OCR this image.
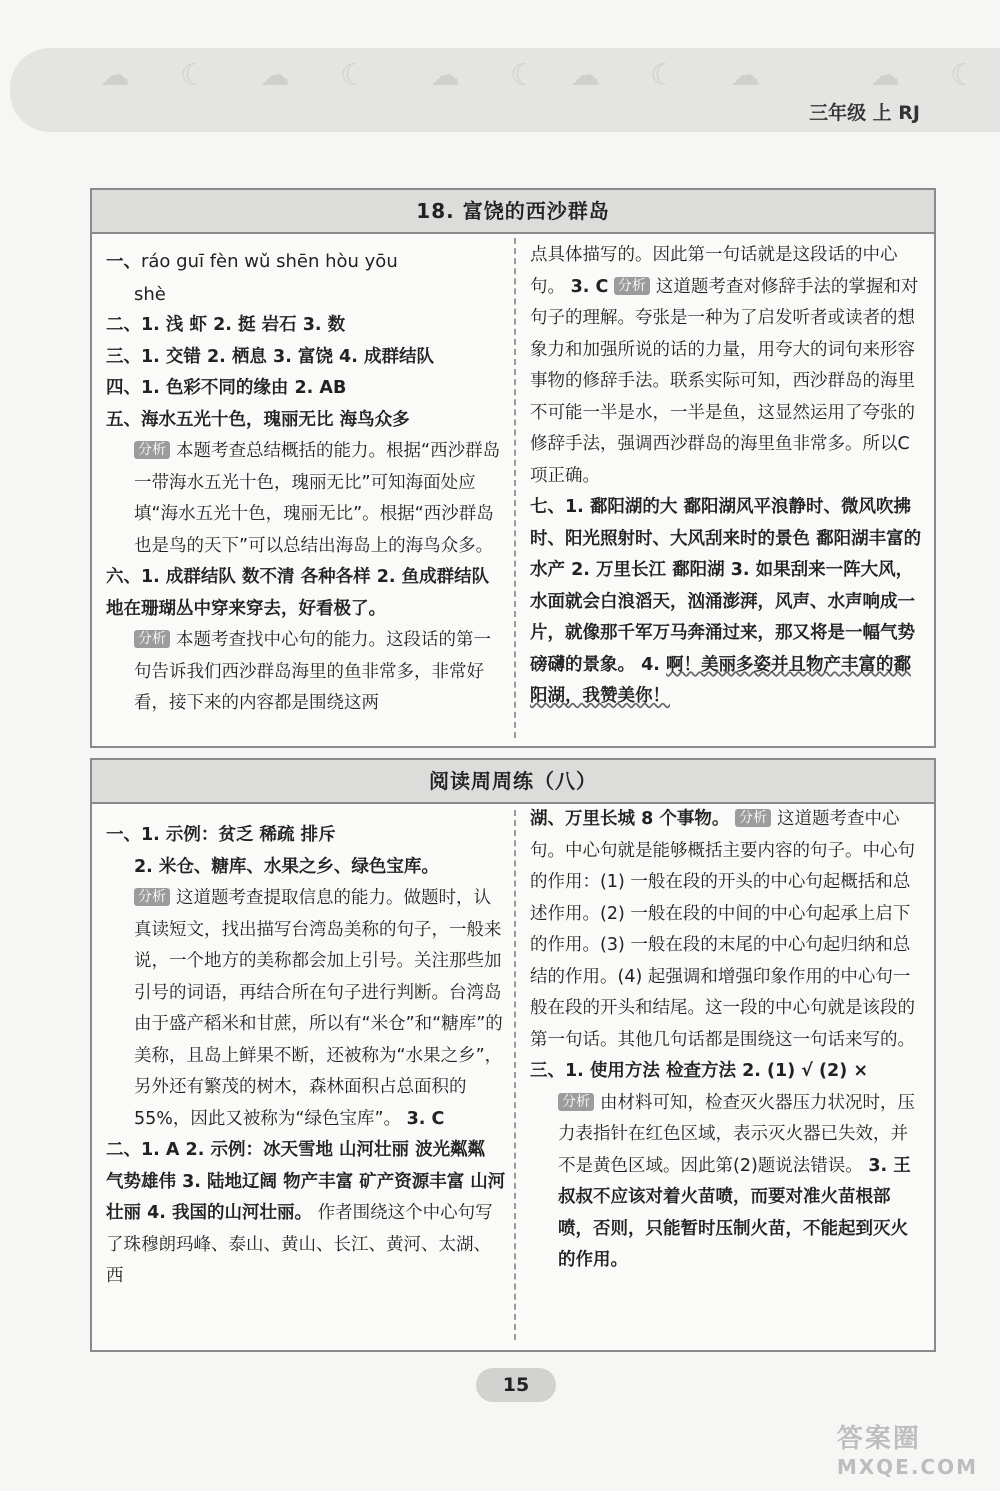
☁ ☾ ☁ ☾ ☁ ☾ ☁ ☾ ☁	☁ ☾
三年级 上 RJ
18. 富饶的西沙群岛
一、ráo guī fèn wǔ shēn hòu yōu
shè
二、1. 浅 虾 2. 挺 岩石 3. 数
三、1. 交错 2. 栖息 3. 富饶 4. 成群结队
四、1. 色彩不同的缘由 2. AB
五、海水五光十色，瑰丽无比 海鸟众多
分析 本题考查总结概括的能力。根据“西沙群岛一带海水五光十色，瑰丽无比”可知海面处应填“海水五光十色，瑰丽无比”。根据“西沙群岛也是鸟的天下”可以总结出海岛上的海鸟众多。
六、1. 成群结队 数不清 各种各样 2. 鱼成群结队地在珊瑚丛中穿来穿去，好看极了。
分析 本题考查找中心句的能力。这段话的第一句告诉我们西沙群岛海里的鱼非常多，非常好看，接下来的内容都是围绕这两
点具体描写的。因此第一句话就是这段话的中心句。 3. C 分析 这道题考查对修辞手法的掌握和对句子的理解。夸张是一种为了启发听者或读者的想象力和加强所说的话的力量，用夸大的词句来形容事物的修辞手法。联系实际可知，西沙群岛的海里不可能一半是水，一半是鱼，这显然运用了夸张的修辞手法，强调西沙群岛的海里鱼非常多。所以C项正确。
七、1. 鄱阳湖的大 鄱阳湖风平浪静时、微风吹拂时、阳光照射时、大风刮来时的景色 鄱阳湖丰富的水产 2. 万里长江 鄱阳湖 3. 如果刮来一阵大风，水面就会白浪滔天，汹涌澎湃，风声、水声响成一片，就像那千军万马奔涌过来，那又将是一幅气势磅礴的景象。 4. 啊！美丽多姿并且物产丰富的鄱阳湖，我赞美你！
阅读周周练（八）
一、1. 示例：贫乏 稀疏 排斥
2. 米仓、糖库、水果之乡、绿色宝库。
分析 这道题考查提取信息的能力。做题时，认真读短文，找出描写台湾岛美称的句子，一般来说，一个地方的美称都会加上引号。关注那些加引号的词语，再结合所在句子进行判断。台湾岛由于盛产稻米和甘蔗，所以有“米仓”和“糖库”的美称，且岛上鲜果不断，还被称为“水果之乡”，另外还有繁茂的树木，森林面积占总面积的55%，因此又被称为“绿色宝库”。 3. C
二、1. A 2. 示例：冰天雪地 山河壮丽 波光粼粼 气势雄伟 3. 陆地辽阔 物产丰富 矿产资源丰富 山河壮丽 4. 我国的山河壮丽。 作者围绕这个中心句写了珠穆朗玛峰、泰山、黄山、长江、黄河、太湖、西
湖、万里长城 8 个事物。 分析 这道题考查中心句。中心句就是能够概括主要内容的句子。中心句的作用：(1) 一般在段的开头的中心句起概括和总述作用。(2) 一般在段的中间的中心句起承上启下的作用。(3) 一般在段的末尾的中心句起归纳和总结的作用。(4) 起强调和增强印象作用的中心句一般在段的开头和结尾。这一段的中心句就是该段的第一句话。其他几句话都是围绕这一句话来写的。
三、1. 使用方法 检查方法 2. (1) √ (2) ×
分析 由材料可知，检查灭火器压力状况时，压力表指针在红色区域，表示灭火器已失效，并不是黄色区域。因此第(2)题说法错误。 3. 王叔叔不应该对着火苗喷，而要对准火苗根部喷，否则，只能暂时压制火苗，不能起到灭火的作用。
15
答案圈
MXQE.COM
